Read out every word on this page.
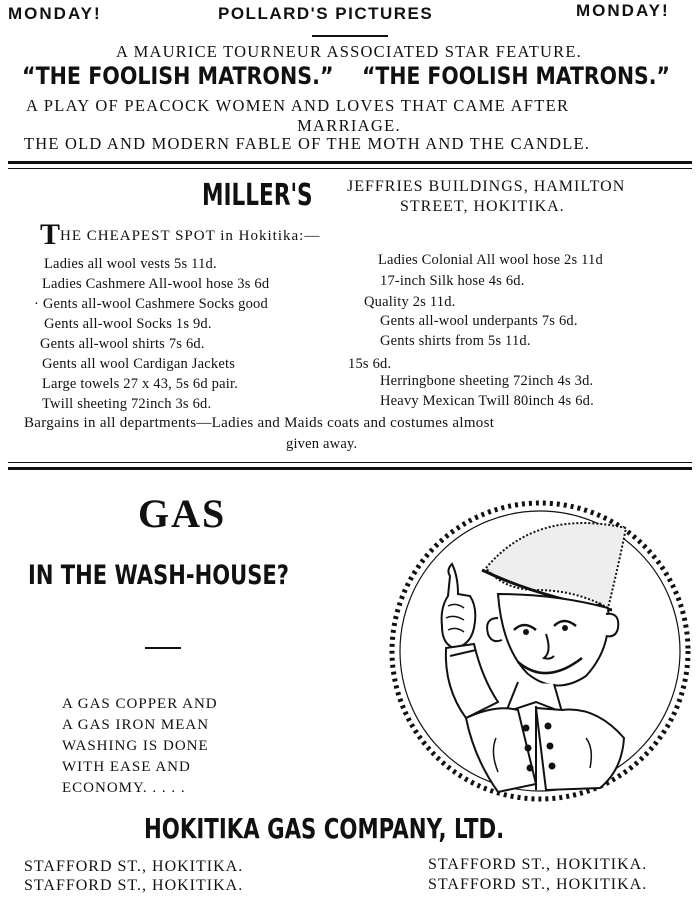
MONDAY!	POLLARD'S PICTURES	MONDAY!
A MAURICE TOURNEUR ASSOCIATED STAR FEATURE.
“THE FOOLISH MATRONS.”	“THE FOOLISH MATRONS.”
A PLAY OF PEACOCK WOMEN AND LOVES THAT CAME AFTER
MARRIAGE.
THE OLD AND MODERN FABLE OF THE MOTH AND THE CANDLE.
MILLER'S	JEFFRIES BUILDINGS, HAMILTON
STREET, HOKITIKA.
THE CHEAPEST SPOT in Hokitika:—
Ladies all wool vests 5s 11d.
Ladies Cashmere All-wool hose 3s 6d
· Gents all-wool Cashmere Socks good
Gents all-wool Socks 1s 9d.
Gents all-wool shirts 7s 6d.
Gents all wool Cardigan Jackets
Large towels 27 x 43, 5s 6d pair.
Twill sheeting 72inch 3s 6d.
Ladies Colonial All wool hose 2s 11d
17-inch Silk hose 4s 6d.
Quality 2s 11d.
Gents all-wool underpants 7s 6d.
Gents shirts from 5s 11d.
15s 6d.
Herringbone sheeting 72inch 4s 3d.
Heavy Mexican Twill 80inch 4s 6d.
Bargains in all departments—Ladies and Maids coats and costumes almost
given away.
GAS
IN THE WASH-HOUSE?
A GAS COPPER AND
A GAS IRON MEAN
WASHING IS DONE
WITH EASE AND
ECONOMY. . . . .
HOKITIKA GAS COMPANY, LTD.
STAFFORD ST., HOKITIKA.
STAFFORD ST., HOKITIKA.
STAFFORD ST., HOKITIKA.
STAFFORD ST., HOKITIKA.
